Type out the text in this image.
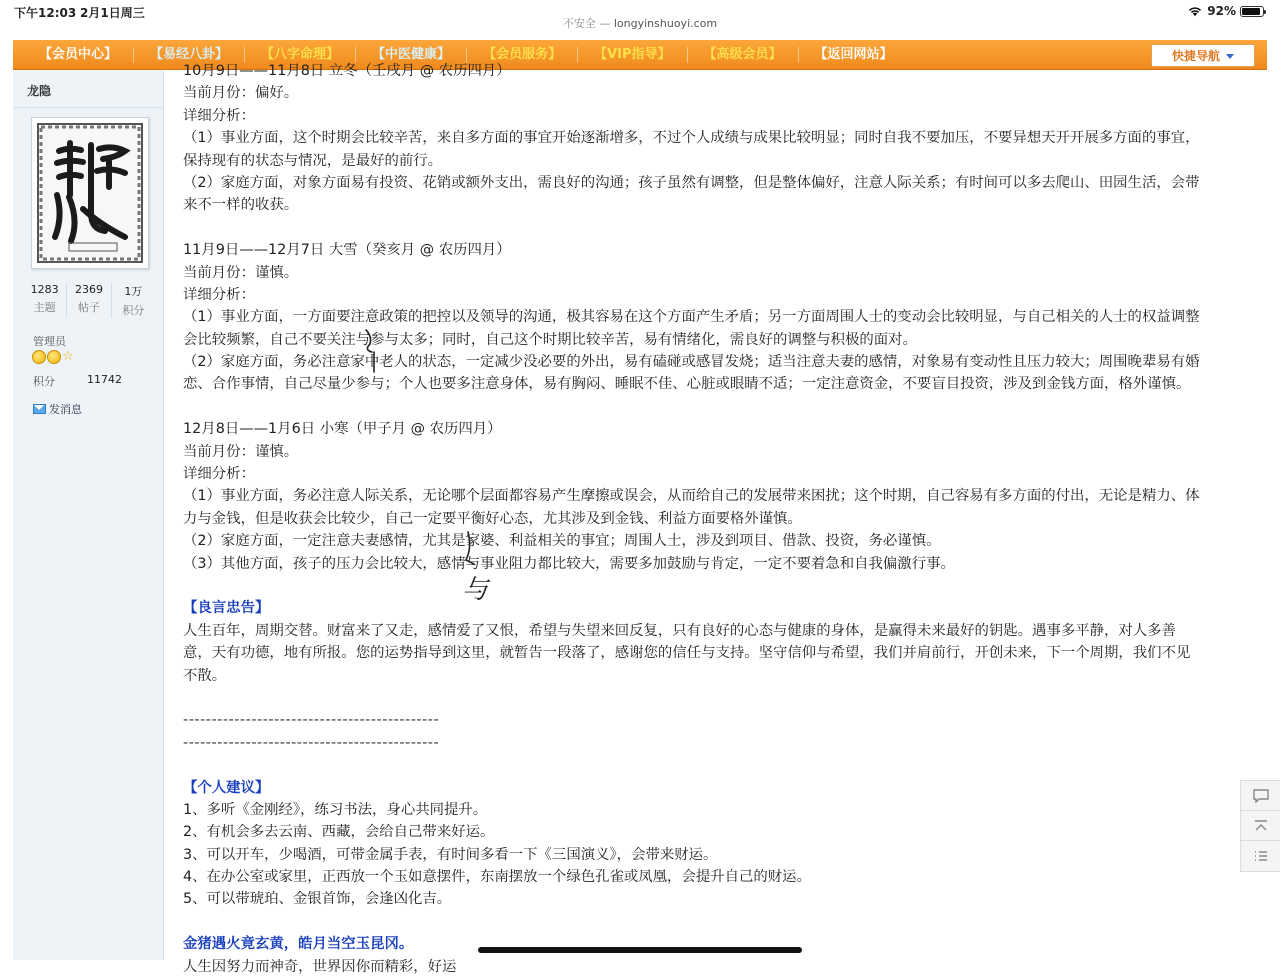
下午12:03 2月1日周三	92%
不安全 — longyinshuoyi.com
【会员中心】	【易经八卦】	【八字命理】	【中医健康】	【会员服务】	【VIP指导】	【高级会员】	【返回网站】	快捷导航
龙隐
1283
主题
2369
帖子
1万
积分
管理员
☆
积分	11742
发消息
10月9日——11月8日 立冬（壬戌月 @ 农历四月）
当前月份：偏好。
详细分析：
（1）事业方面，这个时期会比较辛苦，来自多方面的事宜开始逐渐增多，不过个人成绩与成果比较明显；同时自我不要加压，不要异想天开开展多方面的事宜，
保持现有的状态与情况，是最好的前行。
（2）家庭方面，对象方面易有投资、花销或额外支出，需良好的沟通；孩子虽然有调整，但是整体偏好，注意人际关系；有时间可以多去爬山、田园生活，会带
来不一样的收获。
11月9日——12月7日 大雪（癸亥月 @ 农历四月）
当前月份：谨慎。
详细分析：
（1）事业方面，一方面要注意政策的把控以及领导的沟通，极其容易在这个方面产生矛盾；另一方面周围人士的变动会比较明显，与自己相关的人士的权益调整
会比较频繁，自己不要关注与参与太多；同时，自己这个时期比较辛苦，易有情绪化，需良好的调整与积极的面对。
（2）家庭方面，务必注意家中老人的状态，一定减少没必要的外出，易有磕碰或感冒发烧；适当注意夫妻的感情，对象易有变动性且压力较大；周围晚辈易有婚
恋、合作事情，自己尽量少参与；个人也要多注意身体，易有胸闷、睡眠不佳、心脏或眼睛不适；一定注意资金，不要盲目投资，涉及到金钱方面，格外谨慎。
12月8日——1月6日 小寒（甲子月 @ 农历四月）
当前月份：谨慎。
详细分析：
（1）事业方面，务必注意人际关系，无论哪个层面都容易产生摩擦或误会，从而给自己的发展带来困扰；这个时期，自己容易有多方面的付出，无论是精力、体
力与金钱，但是收获会比较少，自己一定要平衡好心态，尤其涉及到金钱、利益方面要格外谨慎。
（2）家庭方面，一定注意夫妻感情，尤其是家婆、利益相关的事宜；周围人士，涉及到项目、借款、投资，务必谨慎。
（3）其他方面，孩子的压力会比较大，感情与事业阻力都比较大，需要多加鼓励与肯定，一定不要着急和自我偏激行事。
【良言忠告】
人生百年，周期交替。财富来了又走，感情爱了又恨，希望与失望来回反复，只有良好的心态与健康的身体，是赢得未来最好的钥匙。遇事多平静，对人多善
意，天有功德，地有所报。您的运势指导到这里，就暂告一段落了，感谢您的信任与支持。坚守信仰与希望，我们并肩前行，开创未来，下一个周期，我们不见
不散。
---------------------------------------------
---------------------------------------------
【个人建议】
1、多听《金刚经》，练习书法，身心共同提升。
2、有机会多去云南、西藏，会给自己带来好运。
3、可以开车，少喝酒，可带金属手表，有时间多看一下《三国演义》，会带来财运。
4、在办公室或家里，正西放一个玉如意摆件，东南摆放一个绿色孔雀或凤凰，会提升自己的财运。
5、可以带琥珀、金银首饰，会逢凶化吉。
金猪遇火竟玄黄，皓月当空玉昆冈。
人生因努力而神奇，世界因你而精彩，好运
与
